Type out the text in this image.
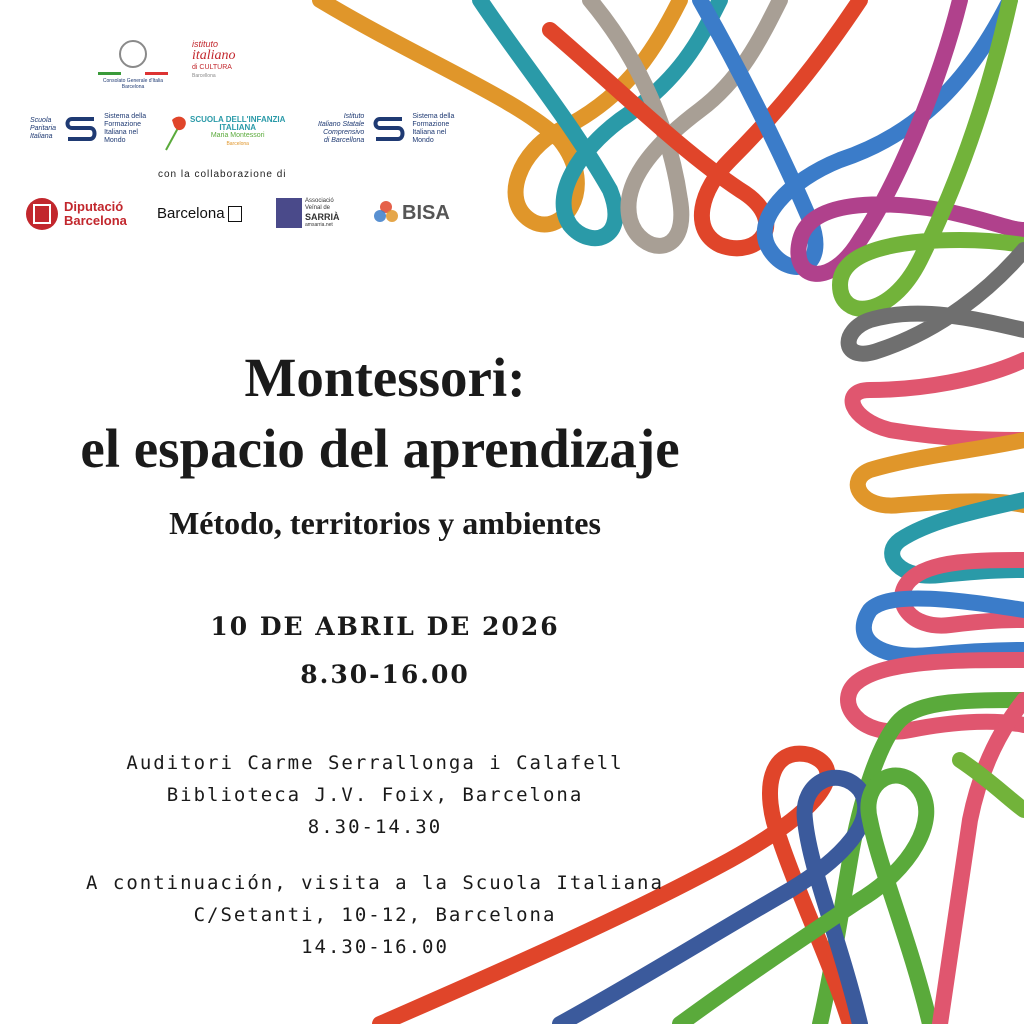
Consolato Generale d'Italia Barcelona
istituto
italiano
di CULTURA
Barcellona
Scuola
Paritaria
Italiana
Sistema della
Formazione
Italiana nel
Mondo
SCUOLA DELL'INFANZIA
ITALIANA
Maria Montessori
Barcelona
Istituto
Italiano Statale
Comprensivo
di Barcellona
Sistema della
Formazione
Italiana nel
Mondo
con la collaborazione di
Diputació
Barcelona Barcelona
Associació
Veïnal de
SARRIÀ
amsarria.net
BISA
Montessori:
el espacio del aprendizaje
Método, territorios y ambientes
10 DE ABRIL DE 2026
8.30-16.00

Auditori Carme Serrallonga i Calafell

Biblioteca J.V. Foix, Barcelona

8.30-14.30

A continuación, visita a la Scuola Italiana

C/Setanti, 10-12, Barcelona

14.30-16.00
